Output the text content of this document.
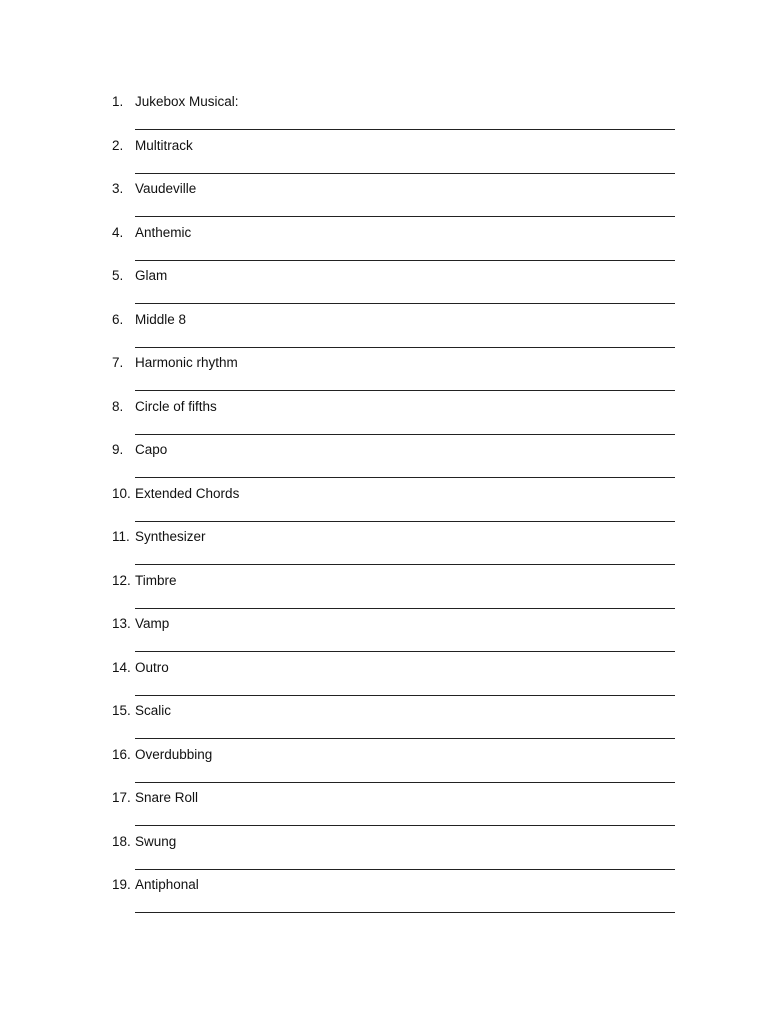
1. Jukebox Musical:
2. Multitrack
3. Vaudeville
4. Anthemic
5. Glam
6. Middle 8
7. Harmonic rhythm
8. Circle of fifths
9. Capo
10. Extended Chords
11. Synthesizer
12. Timbre
13. Vamp
14. Outro
15. Scalic
16. Overdubbing
17. Snare Roll
18. Swung
19. Antiphonal
